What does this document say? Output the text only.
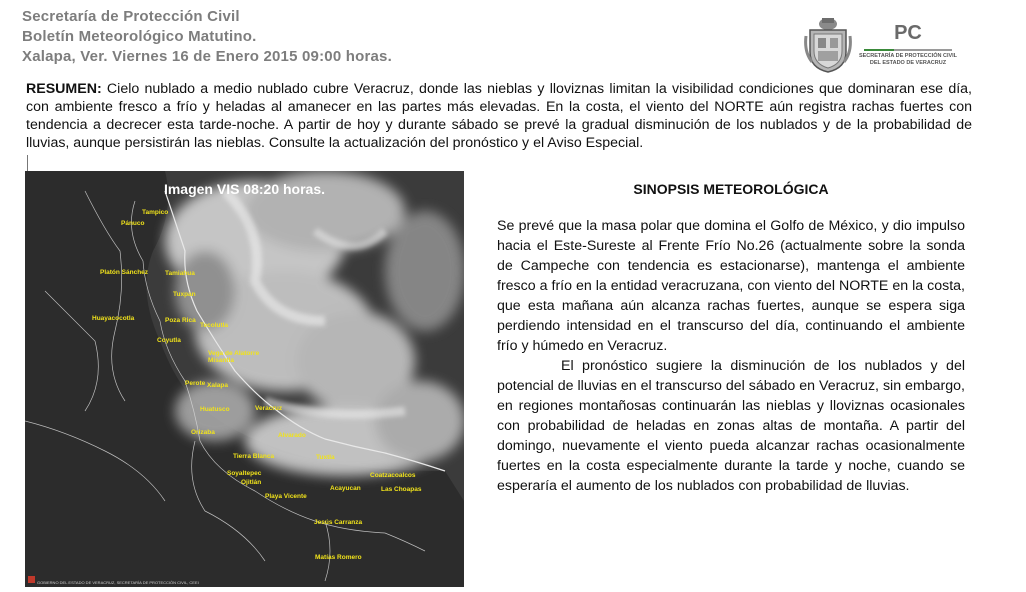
Secretaría de Protección Civil
Boletín Meteorológico Matutino.
Xalapa, Ver. Viernes 16 de Enero 2015 09:00 horas.
PC
SECRETARÍA DE PROTECCIÓN CIVIL
DEL ESTADO DE VERACRUZ
RESUMEN: Cielo nublado a medio nublado cubre Veracruz, donde las nieblas y lloviznas limitan la visibilidad condiciones que dominaran ese día, con ambiente fresco a frío y heladas al amanecer en las partes más elevadas. En la costa, el viento del NORTE aún registra rachas fuertes con tendencia a decrecer esta tarde-noche. A partir de hoy y durante sábado se prevé la gradual disminución de los nublados y de la probabilidad de lluvias, aunque persistirán las nieblas. Consulte la actualización del pronóstico y el Aviso Especial.
Imagen VIS 08:20 horas.
Tampico
Pánuco
Platón Sánchez	Tamiahua
Tuxpan
Huayacocotla	Poza Rica
Tecolutla
Coyutla
Vega de Alatorre
Misantla
Perote Xalapa
Huatusco	Veracruz
Orizaba	Alvarado
Tierra Blanca	Tuxtla
Soyaltepec
Ojitlán
Playa Vicente
Acayucan
Coatzacoalcos
Las Choapas
Jesús Carranza
Matías Romero
GOBIERNO DEL ESTADO DE VERACRUZ, SECRETARÍA DE PROTECCIÓN CIVIL, CEEI
SINOPSIS METEOROLÓGICA

Se prevé que la masa polar que domina el Golfo de México, y dio impulso hacia el Este-Sureste al Frente Frío No.26 (actualmente sobre la sonda de Campeche con tendencia es estacionarse), mantenga el ambiente fresco a frío en la entidad veracruzana, con viento del NORTE en la costa, que esta mañana aún alcanza rachas fuertes, aunque se espera siga perdiendo intensidad en el transcurso del día, continuando el ambiente frío y húmedo en Veracruz.

El pronóstico sugiere la disminución de los nublados y del potencial de lluvias en el transcurso del sábado en Veracruz, sin embargo, en regiones montañosas continuarán las nieblas y lloviznas ocasionales con probabilidad de heladas en zonas altas de montaña. A partir del domingo, nuevamente el viento pueda alcanzar rachas ocasionalmente fuertes en la costa especialmente durante la tarde y noche, cuando se esperaría el aumento de los nublados con probabilidad de lluvias.
